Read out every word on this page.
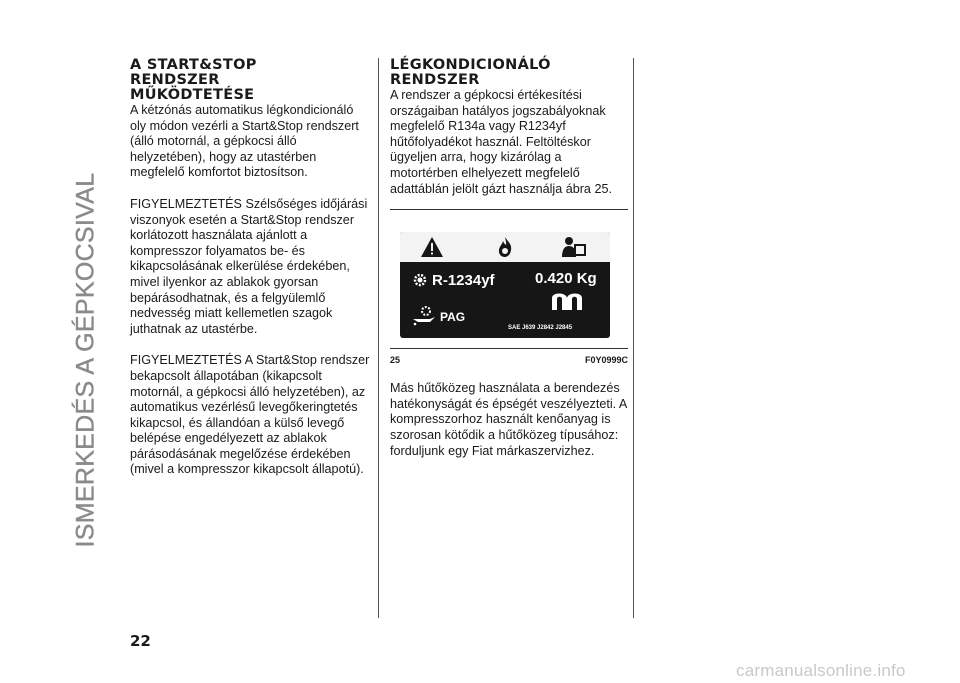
ISMERKEDÉS A GÉPKOCSIVAL
A START&STOP
RENDSZER
MŰKÖDTETÉSE

A kétzónás automatikus légkondicionáló oly módon vezérli a Start&Stop rendszert (álló motornál, a gépkocsi álló helyzetében), hogy az utastérben megfelelő komfortot biztosítson.

FIGYELMEZTETÉS Szélsőséges időjárási viszonyok esetén a Start&Stop rendszer korlátozott használata ajánlott a kompresszor folyamatos be- és kikapcsolásának elkerülése érdekében, mivel ilyenkor az ablakok gyorsan bepárásodhatnak, és a felgyülemlő nedvesség miatt kellemetlen szagok juthatnak az utastérbe.

FIGYELMEZTETÉS A Start&Stop rendszer bekapcsolt állapotában (kikapcsolt motornál, a gépkocsi álló helyzetében), az automatikus vezérlésű levegőkeringtetés kikapcsol, és állandóan a külső levegő belépése engedélyezett az ablakok párásodásának megelőzése érdekében (mivel a kompresszor kikapcsolt állapotú).

LÉGKONDICIONÁLÓ
RENDSZER

A rendszer a gépkocsi értékesítési országaiban hatályos jogszabályoknak megfelelő R134a vagy R1234yf hűtőfolyadékot használ. Feltöltéskor ügyeljen arra, hogy kizárólag a motortérben elhelyezett megfelelő adattáblán jelölt gázt használja ábra 25.

R-1234yf	0.420 Kg
PAG
SAE J639 J2842 J2845
25	F0Y0999C

Más hűtőközeg használata a berendezés hatékonyságát és épségét veszélyezteti. A kompresszorhoz használt kenőanyag is szorosan kötődik a hűtőközeg típusához: forduljunk egy Fiat márkaszervizhez.

22
carmanualsonline.info
